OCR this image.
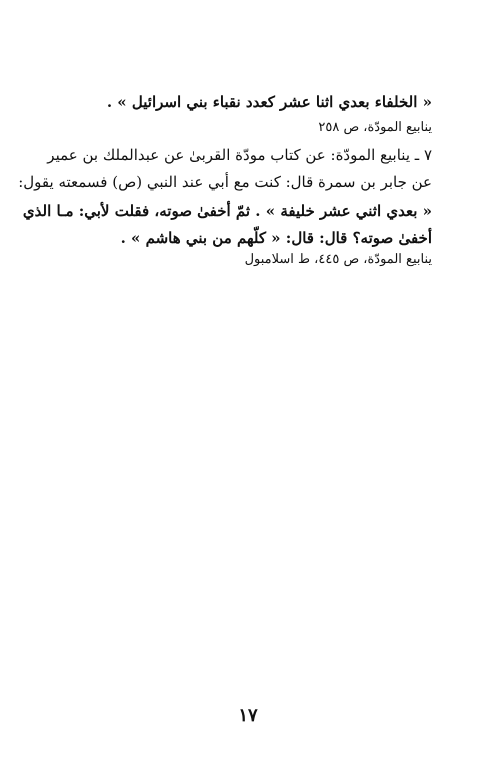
« الخلفاء بعدي اثنا عشر كعدد نقباء بني اسرائيل » .
ينابيع المودّة، ص ٢٥٨
٧ ـ ينابيع المودّة: عن كتاب مودّة القربىٰ عن عبدالملك بن عمير
عن جابر بن سمرة قال: كنت مع أبي عند النبي (ص) فسمعته يقول:
« بعدي اثني عشر خليفة » . ثمّ أخفىٰ صوته، فقلت لأبي: مـا الذي
أخفىٰ صوته؟ قال: قال: « كلّهم من بني هاشم » .
ينابيع المودّة، ص ٤٤٥، ط اسلامبول
١٧
